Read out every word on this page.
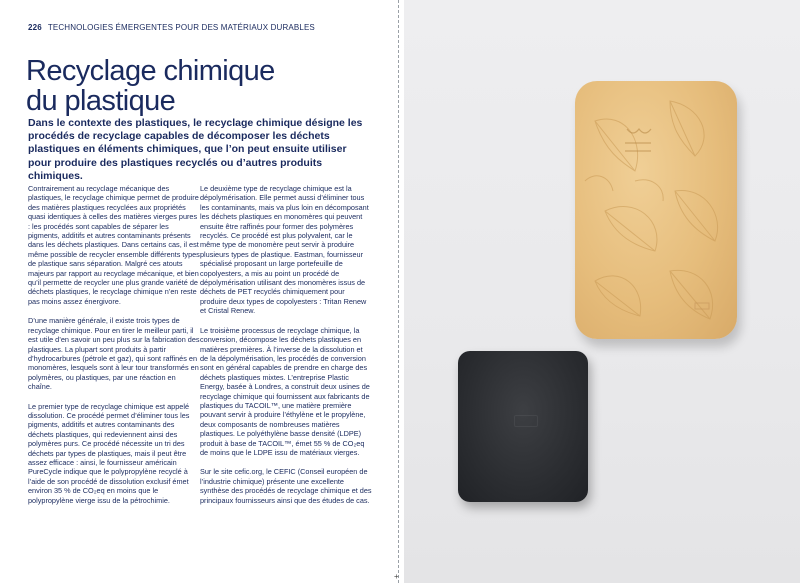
226 TECHNOLOGIES ÉMERGENTES POUR DES MATÉRIAUX DURABLES
Recyclage chimique
du plastique

Dans le contexte des plastiques, le recyclage chimique désigne les procédés de recyclage capables de décomposer les déchets plastiques en éléments chimiques, que l’on peut ensuite utiliser pour produire des plastiques recyclés ou d’autres produits chimiques.

Contrairement au recyclage mécanique des plastiques, le recyclage chimique permet de produire des matières plastiques recyclées aux propriétés quasi identiques à celles des matières vierges pures : les procédés sont capables de séparer les pigments, additifs et autres contaminants présents dans les déchets plastiques. Dans certains cas, il est même possible de recycler ensemble différents types de plastique sans séparation. Malgré ces atouts majeurs par rapport au recyclage mécanique, et bien qu’il permette de recycler une plus grande variété de déchets plastiques, le recyclage chimique n’en reste pas moins assez énergivore.

D’une manière générale, il existe trois types de recyclage chimique. Pour en tirer le meilleur parti, il est utile d’en savoir un peu plus sur la fabrication des plastiques. La plupart sont produits à partir d’hydrocarbures (pétrole et gaz), qui sont raffinés en monomères, lesquels sont à leur tour transformés en polymères, ou plastiques, par une réaction en chaîne.

Le premier type de recyclage chimique est appelé dissolution. Ce procédé permet d’éliminer tous les pigments, additifs et autres contaminants des déchets plastiques, qui redeviennent ainsi des polymères purs. Ce procédé nécessite un tri des déchets par types de plastiques, mais il peut être assez efficace : ainsi, le fournisseur américain PureCycle indique que le polypropylène recyclé à l’aide de son procédé de dissolution exclusif émet environ 35 % de CO₂eq en moins que le polypropylène vierge issu de la pétrochimie.

Le deuxième type de recyclage chimique est la dépolymérisation. Elle permet aussi d’éliminer tous les contaminants, mais va plus loin en décomposant les déchets plastiques en monomères qui peuvent ensuite être raffinés pour former des polymères recyclés. Ce procédé est plus polyvalent, car le même type de monomère peut servir à produire plusieurs types de plastique. Eastman, fournisseur spécialisé proposant un large portefeuille de copolyesters, a mis au point un procédé de dépolymérisation utilisant des monomères issus de déchets de PET recyclés chimiquement pour produire deux types de copolyesters : Tritan Renew et Cristal Renew.

Le troisième processus de recyclage chimique, la conversion, décompose les déchets plastiques en matières premières. À l’inverse de la dissolution et de la dépolymérisation, les procédés de conversion sont en général capables de prendre en charge des déchets plastiques mixtes. L’entreprise Plastic Energy, basée à Londres, a construit deux usines de recyclage chimique qui fournissent aux fabricants de plastiques du TACOIL™, une matière première pouvant servir à produire l’éthylène et le propylène, deux composants de nombreuses matières plastiques. Le polyéthylène basse densité (LDPE) produit à base de TACOIL™, émet 55 % de CO₂eq de moins que le LDPE issu de matériaux vierges.

Sur le site cefic.org, le CEFIC (Conseil européen de l’industrie chimique) présente une excellente synthèse des procédés de recyclage chimique et des principaux fournisseurs ainsi que des études de cas.

+
